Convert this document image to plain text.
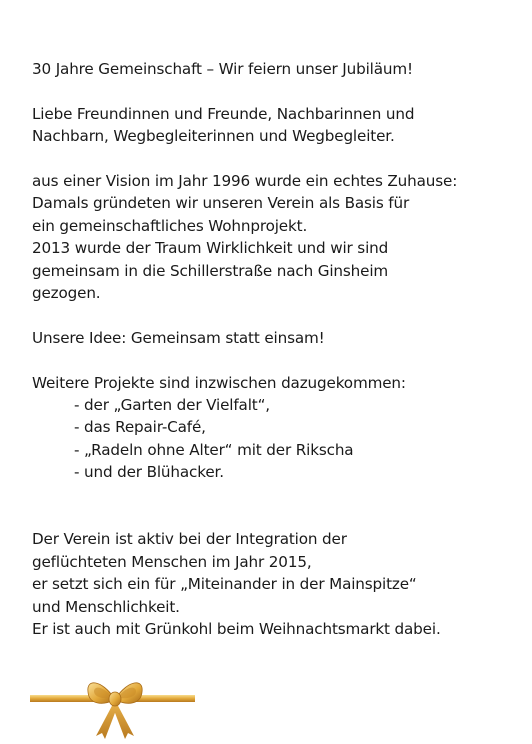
30 Jahre Gemeinschaft – Wir feiern unser Jubiläum!

Liebe Freundinnen und Freunde, Nachbarinnen und

Nachbarn, Wegbegleiterinnen und Wegbegleiter.

aus einer Vision im Jahr 1996 wurde ein echtes Zuhause:

Damals gründeten wir unseren Verein als Basis für

ein gemeinschaftliches Wohnprojekt.

2013 wurde der Traum Wirklichkeit und wir sind

gemeinsam in die Schillerstraße nach Ginsheim

gezogen.

Unsere Idee: Gemeinsam statt einsam!

Weitere Projekte sind inzwischen dazugekommen:

- der „Garten der Vielfalt“,

- das Repair-Café,

- „Radeln ohne Alter“ mit der Rikscha

- und der Blühacker.

Der Verein ist aktiv bei der Integration der

geflüchteten Menschen im Jahr 2015,

er setzt sich ein für „Miteinander in der Mainspitze“

und Menschlichkeit.

Er ist auch mit Grünkohl beim Weihnachtsmarkt dabei.
